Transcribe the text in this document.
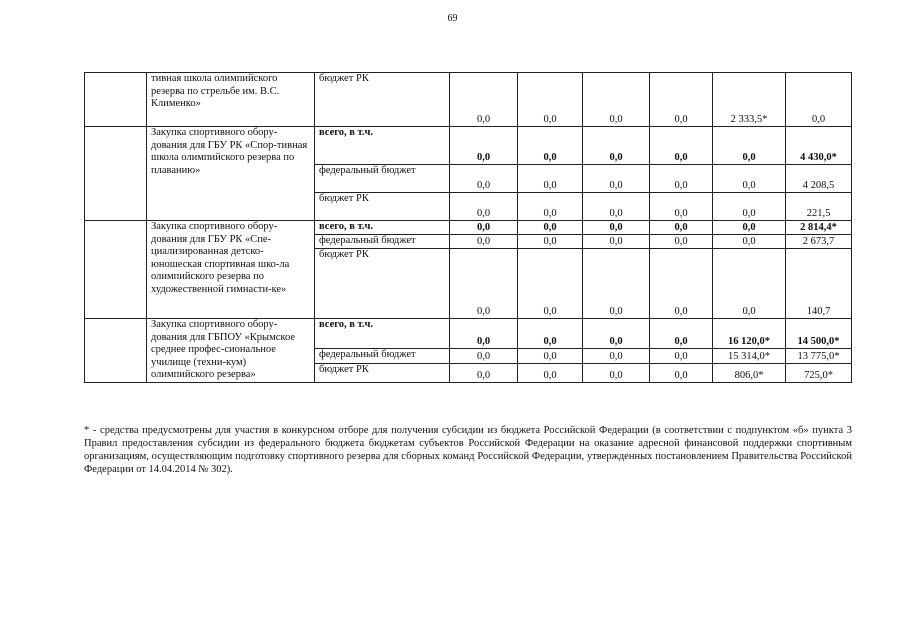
69
	тивная школа олимпийского резерва по стрельбе им. В.С. Клименко»	бюджет РК	0,0	0,0	0,0	0,0	2 333,5*	0,0
	Закупка спортивного обору-дования для ГБУ РК «Спор-тивная школа олимпийского резерва по плаванию»	всего, в т.ч.	0,0	0,0	0,0	0,0	0,0	4 430,0*
		федеральный бюджет	0,0	0,0	0,0	0,0	0,0	4 208,5
		бюджет РК	0,0	0,0	0,0	0,0	0,0	221,5
	Закупка спортивного обору-дования для ГБУ РК «Спе-циализированная детско-юношеская спортивная шко-ла олимпийского резерва по художественной гимнасти-ке»	всего, в т.ч.	0,0	0,0	0,0	0,0	0,0	2 814,4*
		федеральный бюджет	0,0	0,0	0,0	0,0	0,0	2 673,7
		бюджет РК	0,0	0,0	0,0	0,0	0,0	140,7
	Закупка спортивного обору-дования для ГБПОУ «Крымское среднее профес-сиональное училище (техни-кум) олимпийского резерва»	всего, в т.ч.	0,0	0,0	0,0	0,0	16 120,0*	14 500,0*
		федеральный бюджет	0,0	0,0	0,0	0,0	15 314,0*	13 775,0*
		бюджет РК	0,0	0,0	0,0	0,0	806,0*	725,0*
* - средства предусмотрены для участия в конкурсном отборе для получения субсидии из бюджета Российской Федерации (в соответствии с подпунктом «б» пункта 3 Правил предоставления субсидии из федерального бюджета бюджетам субъектов Российской Федерации на оказание адресной финансовой поддержки спортивным организациям, осуществляющим подготовку спортивного резерва для сборных команд Российской Федерации, утвержденных постановлением Правительства Российской Федерации от 14.04.2014 № 302).
